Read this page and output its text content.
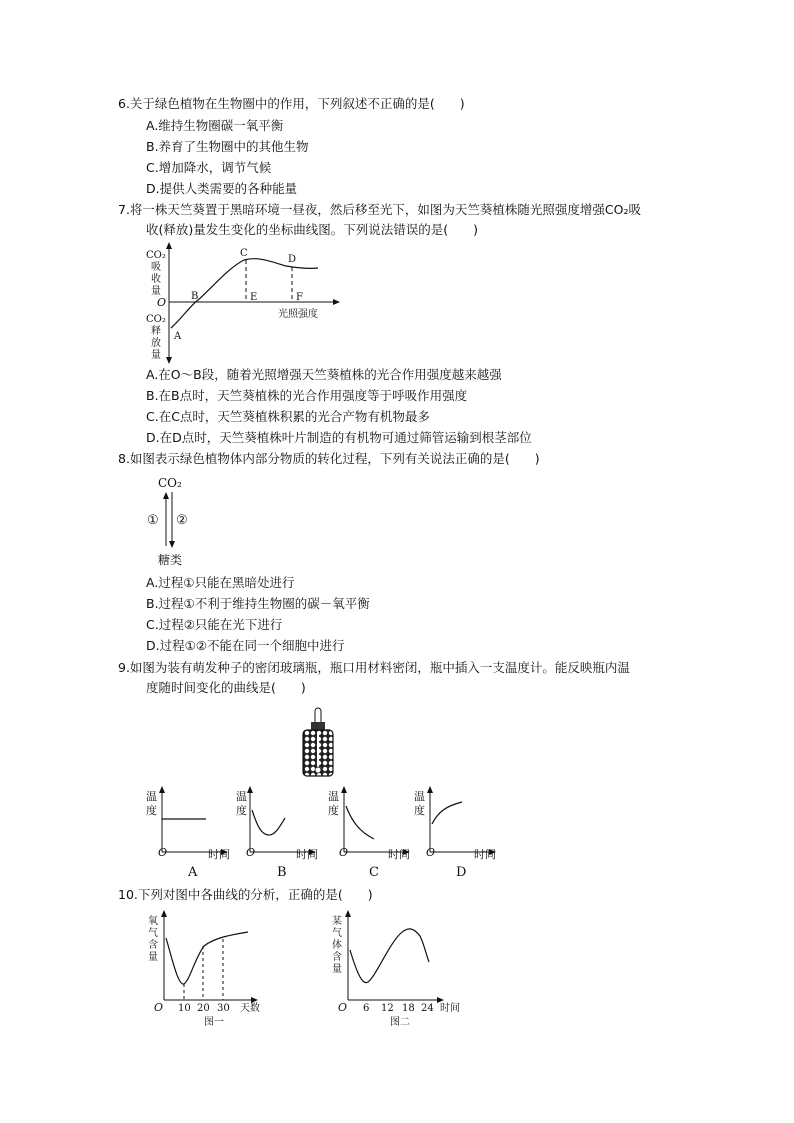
6.关于绿色植物在生物圈中的作用，下列叙述不正确的是(　　)
A.维持生物圈碳一氧平衡
B.养育了生物圈中的其他生物
C.增加降水，调节气候
D.提供人类需要的各种能量
7.将一株天竺葵置于黑暗环境一昼夜，然后移至光下，如图为天竺葵植株随光照强度增强CO₂吸
收(释放)量发生变化的坐标曲线图。下列说法错误的是(　　)
CO₂
吸
收
量
O
CO₂
释
放
量
A
B
C
D
E	F
光照强度
A.在O～B段，随着光照增强天竺葵植株的光合作用强度越来越强
B.在B点时，天竺葵植株的光合作用强度等于呼吸作用强度
C.在C点时，天竺葵植株积累的光合产物有机物最多
D.在D点时，天竺葵植株叶片制造的有机物可通过筛管运输到根茎部位
8.如图表示绿色植物体内部分物质的转化过程，下列有关说法正确的是(　　)
CO₂
① ②
糖类
A.过程①只能在黑暗处进行
B.过程①不利于维持生物圈的碳－氧平衡
C.过程②只能在光下进行
D.过程①②不能在同一个细胞中进行
9.如图为装有萌发种子的密闭玻璃瓶，瓶口用材料密闭，瓶中插入一支温度计。能反映瓶内温
度随时间变化的曲线是(　　)
温
度
O	时间
A
温
度
O	时间
B
温
度
O	时间
C
温
度
O	时间
D
10.下列对图中各曲线的分析，正确的是(　　)
氧
气
含
量
O 10 20 30 天数
图一
某
气
体
含
量
O 6 12 18 24 时间
图二
